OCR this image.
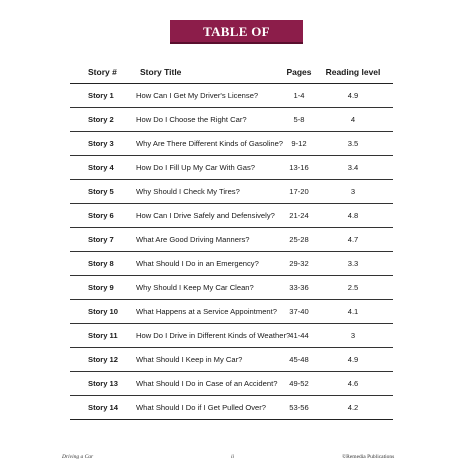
TABLE OF CONTENT
Story #	Story Title	Pages	Reading level
Story 1	How Can I Get My Driver's License?	1-4	4.9
Story 2	How Do I Choose the Right Car?	5-8	4
Story 3	Why Are There Different Kinds of Gasoline?	9-12	3.5
Story 4	How Do I Fill Up My Car With Gas?	13-16	3.4
Story 5	Why Should I Check My Tires?	17-20	3
Story 6	How Can I Drive Safely and Defensively?	21-24	4.8
Story 7	What Are Good Driving Manners?	25-28	4.7
Story 8	What Should I Do in an Emergency?	29-32	3.3
Story 9	Why Should I Keep My Car Clean?	33-36	2.5
Story 10	What Happens at a Service Appointment?	37-40	4.1
Story 11	How Do I Drive in Different Kinds of Weather? 41-44	3
Story 12	What Should I Keep in My Car?	45-48	4.9
Story 13	What Should I Do in Case of an Accident?	49-52	4.6
Story 14	What Should I Do if I Get Pulled Over?	53-56	4.2
Driving a Car	ii	©Remedia Publications
